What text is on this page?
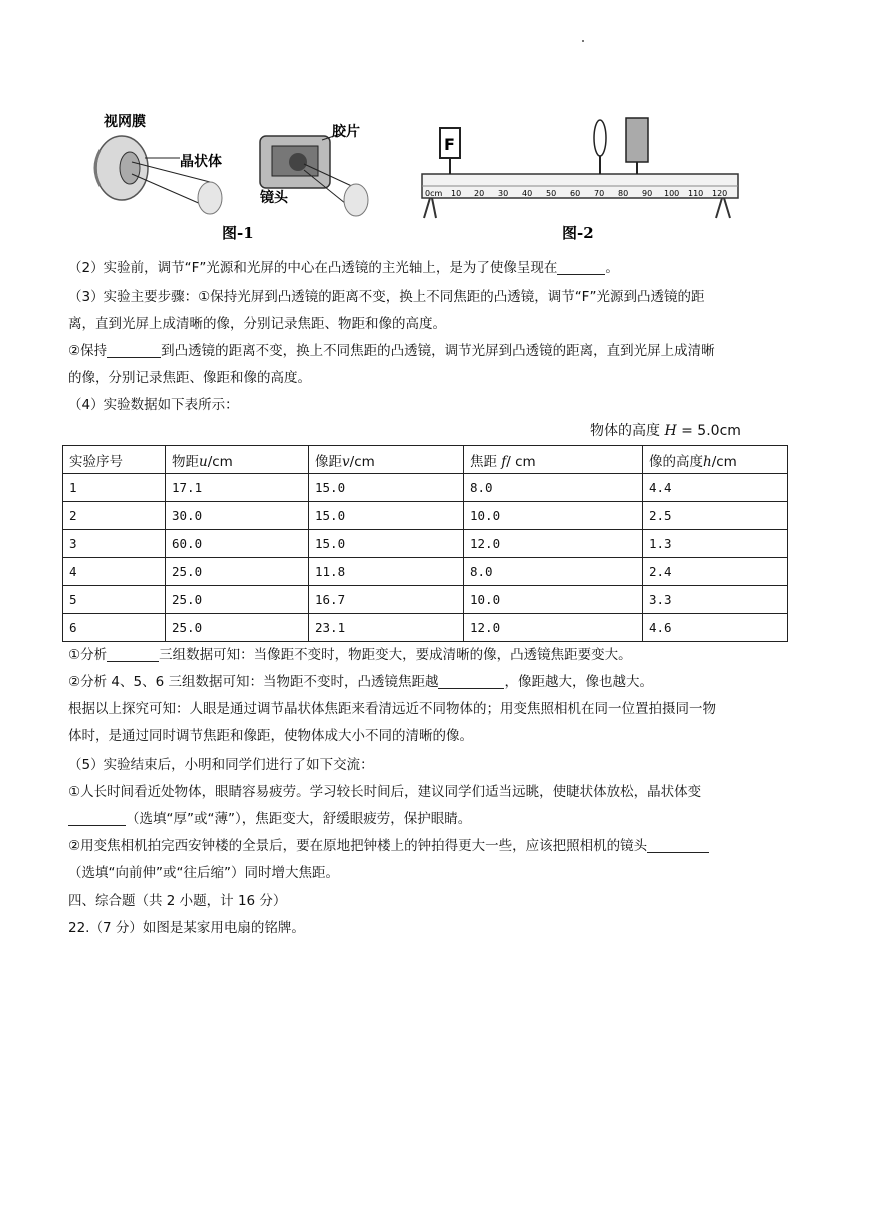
视网膜
晶状体
胶片
镜头
图-1
F
0cm 10 20 30 40 50 60 70 80 90 100 110 120
图-2

（2）实验前，调节“F”光源和光屏的中心在凸透镜的主光轴上，是为了使像呈现在	。

（3）实验主要步骤：①保持光屏到凸透镜的距离不变，换上不同焦距的凸透镜，调节“F”光源到凸透镜的距

离，直到光屏上成清晰的像，分别记录焦距、物距和像的高度。

②保持	到凸透镜的距离不变，换上不同焦距的凸透镜，调节光屏到凸透镜的距离，直到光屏上成清晰

的像，分别记录焦距、像距和像的高度。

（4）实验数据如下表所示：

物体的高度 H = 5.0cm
实验序号	物距u/cm	像距v/cm	焦距 f/ cm	像的高度h/cm
1	17.1	15.0	8.0	4.4
2	30.0	15.0	10.0	2.5
3	60.0	15.0	12.0	1.3
4	25.0	11.8	8.0	2.4
5	25.0	16.7	10.0	3.3
6	25.0	23.1	12.0	4.6

①分析	三组数据可知：当像距不变时，物距变大，要成清晰的像，凸透镜焦距要变大。

②分析 4、5、6 三组数据可知：当物距不变时，凸透镜焦距越	，像距越大，像也越大。

根据以上探究可知：人眼是通过调节晶状体焦距来看清远近不同物体的；用变焦照相机在同一位置拍摄同一物

体时，是通过同时调节焦距和像距，使物体成大小不同的清晰的像。

（5）实验结束后，小明和同学们进行了如下交流：

①人长时间看近处物体，眼睛容易疲劳。学习较长时间后，建议同学们适当远眺，使睫状体放松，晶状体变

（选填“厚”或“薄”），焦距变大，舒缓眼疲劳，保护眼睛。

②用变焦相机拍完西安钟楼的全景后，要在原地把钟楼上的钟拍得更大一些，应该把照相机的镜头

（选填“向前伸”或“往后缩”）同时增大焦距。

四、综合题（共 2 小题，计 16 分）

22.（7 分）如图是某家用电扇的铭牌。
